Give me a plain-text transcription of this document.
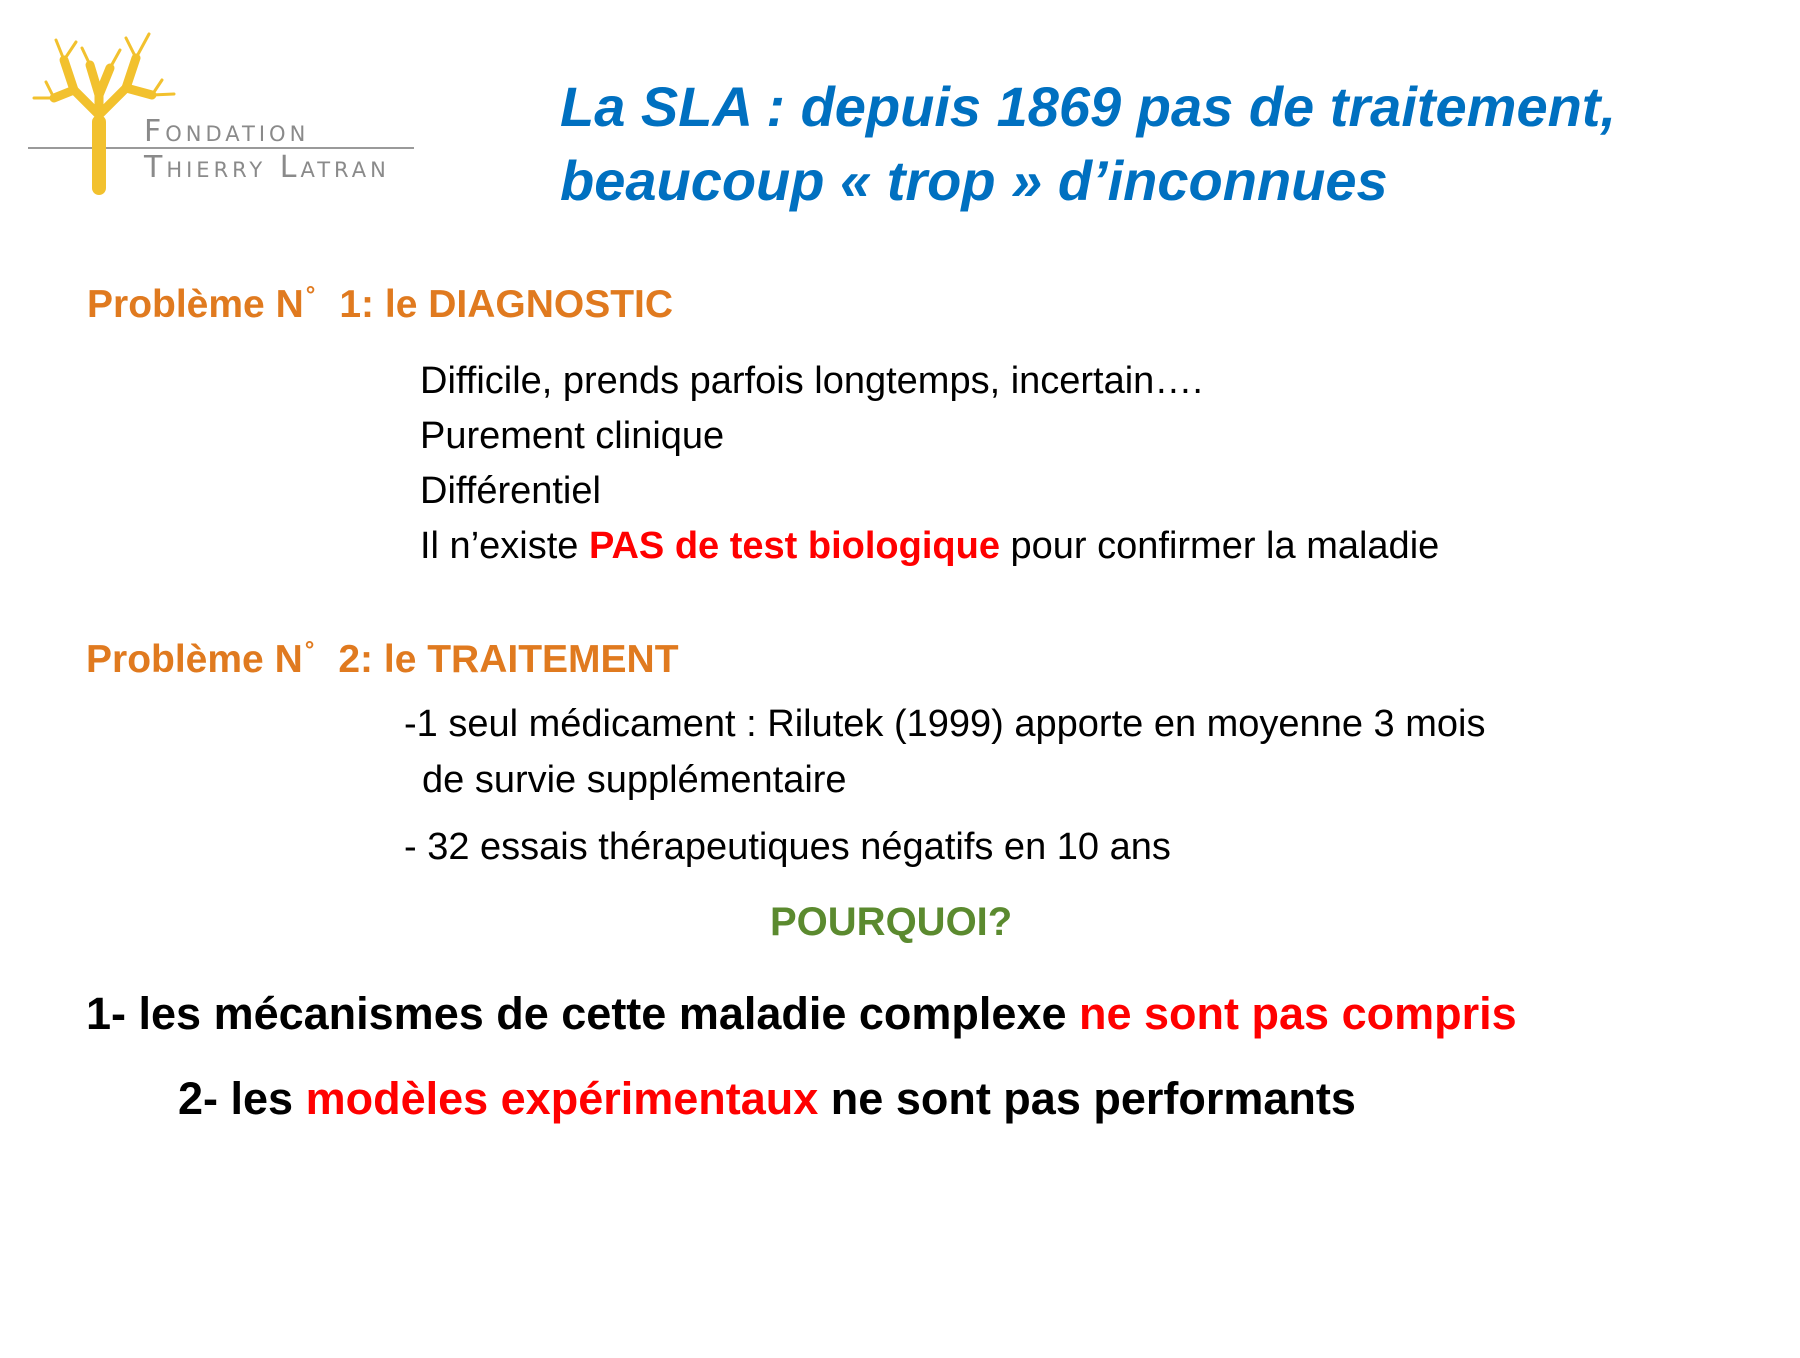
Fondation
Thierry Latran
La SLA : depuis 1869 pas de traitement,
beaucoup « trop » d’inconnues
Problème N° 1: le DIAGNOSTIC
Difficile, prends parfois longtemps, incertain….
Purement clinique
Différentiel
Il n’existe PAS de test biologique pour confirmer la maladie
Problème N° 2: le TRAITEMENT

-1 seul médicament : Rilutek (1999) apporte en moyenne 3 mois

de survie supplémentaire

- 32 essais thérapeutiques négatifs en 10 ans

POURQUOI?

1- les mécanismes de cette maladie complexe ne sont pas compris

2- les modèles expérimentaux ne sont pas performants
